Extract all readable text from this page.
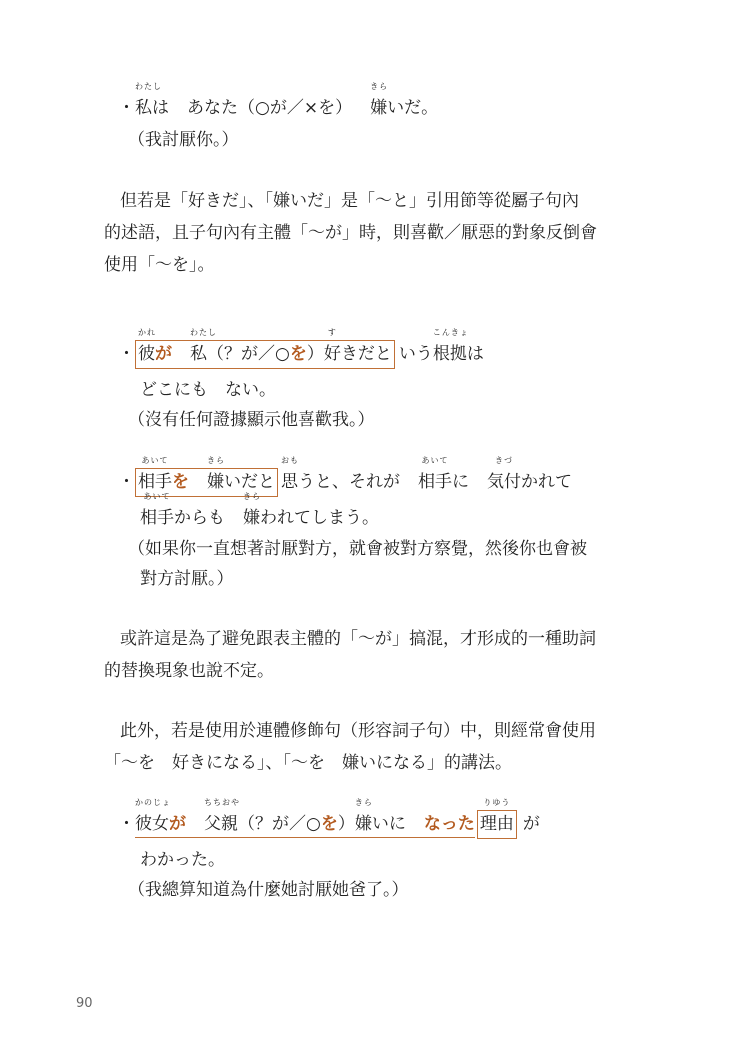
・私
わたし
は あなた（○が／×を） 嫌
きら
いだ。
（我討厭你。）
但若是「好きだ」、「嫌いだ」是「〜と」引用節等從屬子句內
的述語，且子句內有主體「〜が」時，則喜歡／厭惡的對象反倒會
使用「〜を」。
・ 彼
かれ
が 私
わたし
（？が／○を）好
す
きだと いう根拠
こんきょ
は
どこにも　ない。
（沒有任何證據顯示他喜歡我。）
・ 相手
あいて
を 嫌
きら
いだと 思
おも
うと、それが 相手
あいて
に 気付
きづ
かれて
相手
あいて
からも 嫌
きら
われてしまう。
（如果你一直想著討厭對方，就會被對方察覺，然後你也會被
對方討厭。）
或許這是為了避免跟表主體的「〜が」搞混，才形成的一種助詞
的替換現象也說不定。
此外，若是使用於連體修飾句（形容詞子句）中，則經常會使用
「〜を　好きになる」、「〜を　嫌いになる」的講法。
・彼女
かのじょ
が 父親
ちちおや
（？が／○を）嫌
きら
いに なった 理由
りゆう
が
わかった。
（我總算知道為什麼她討厭她爸了。）
90
